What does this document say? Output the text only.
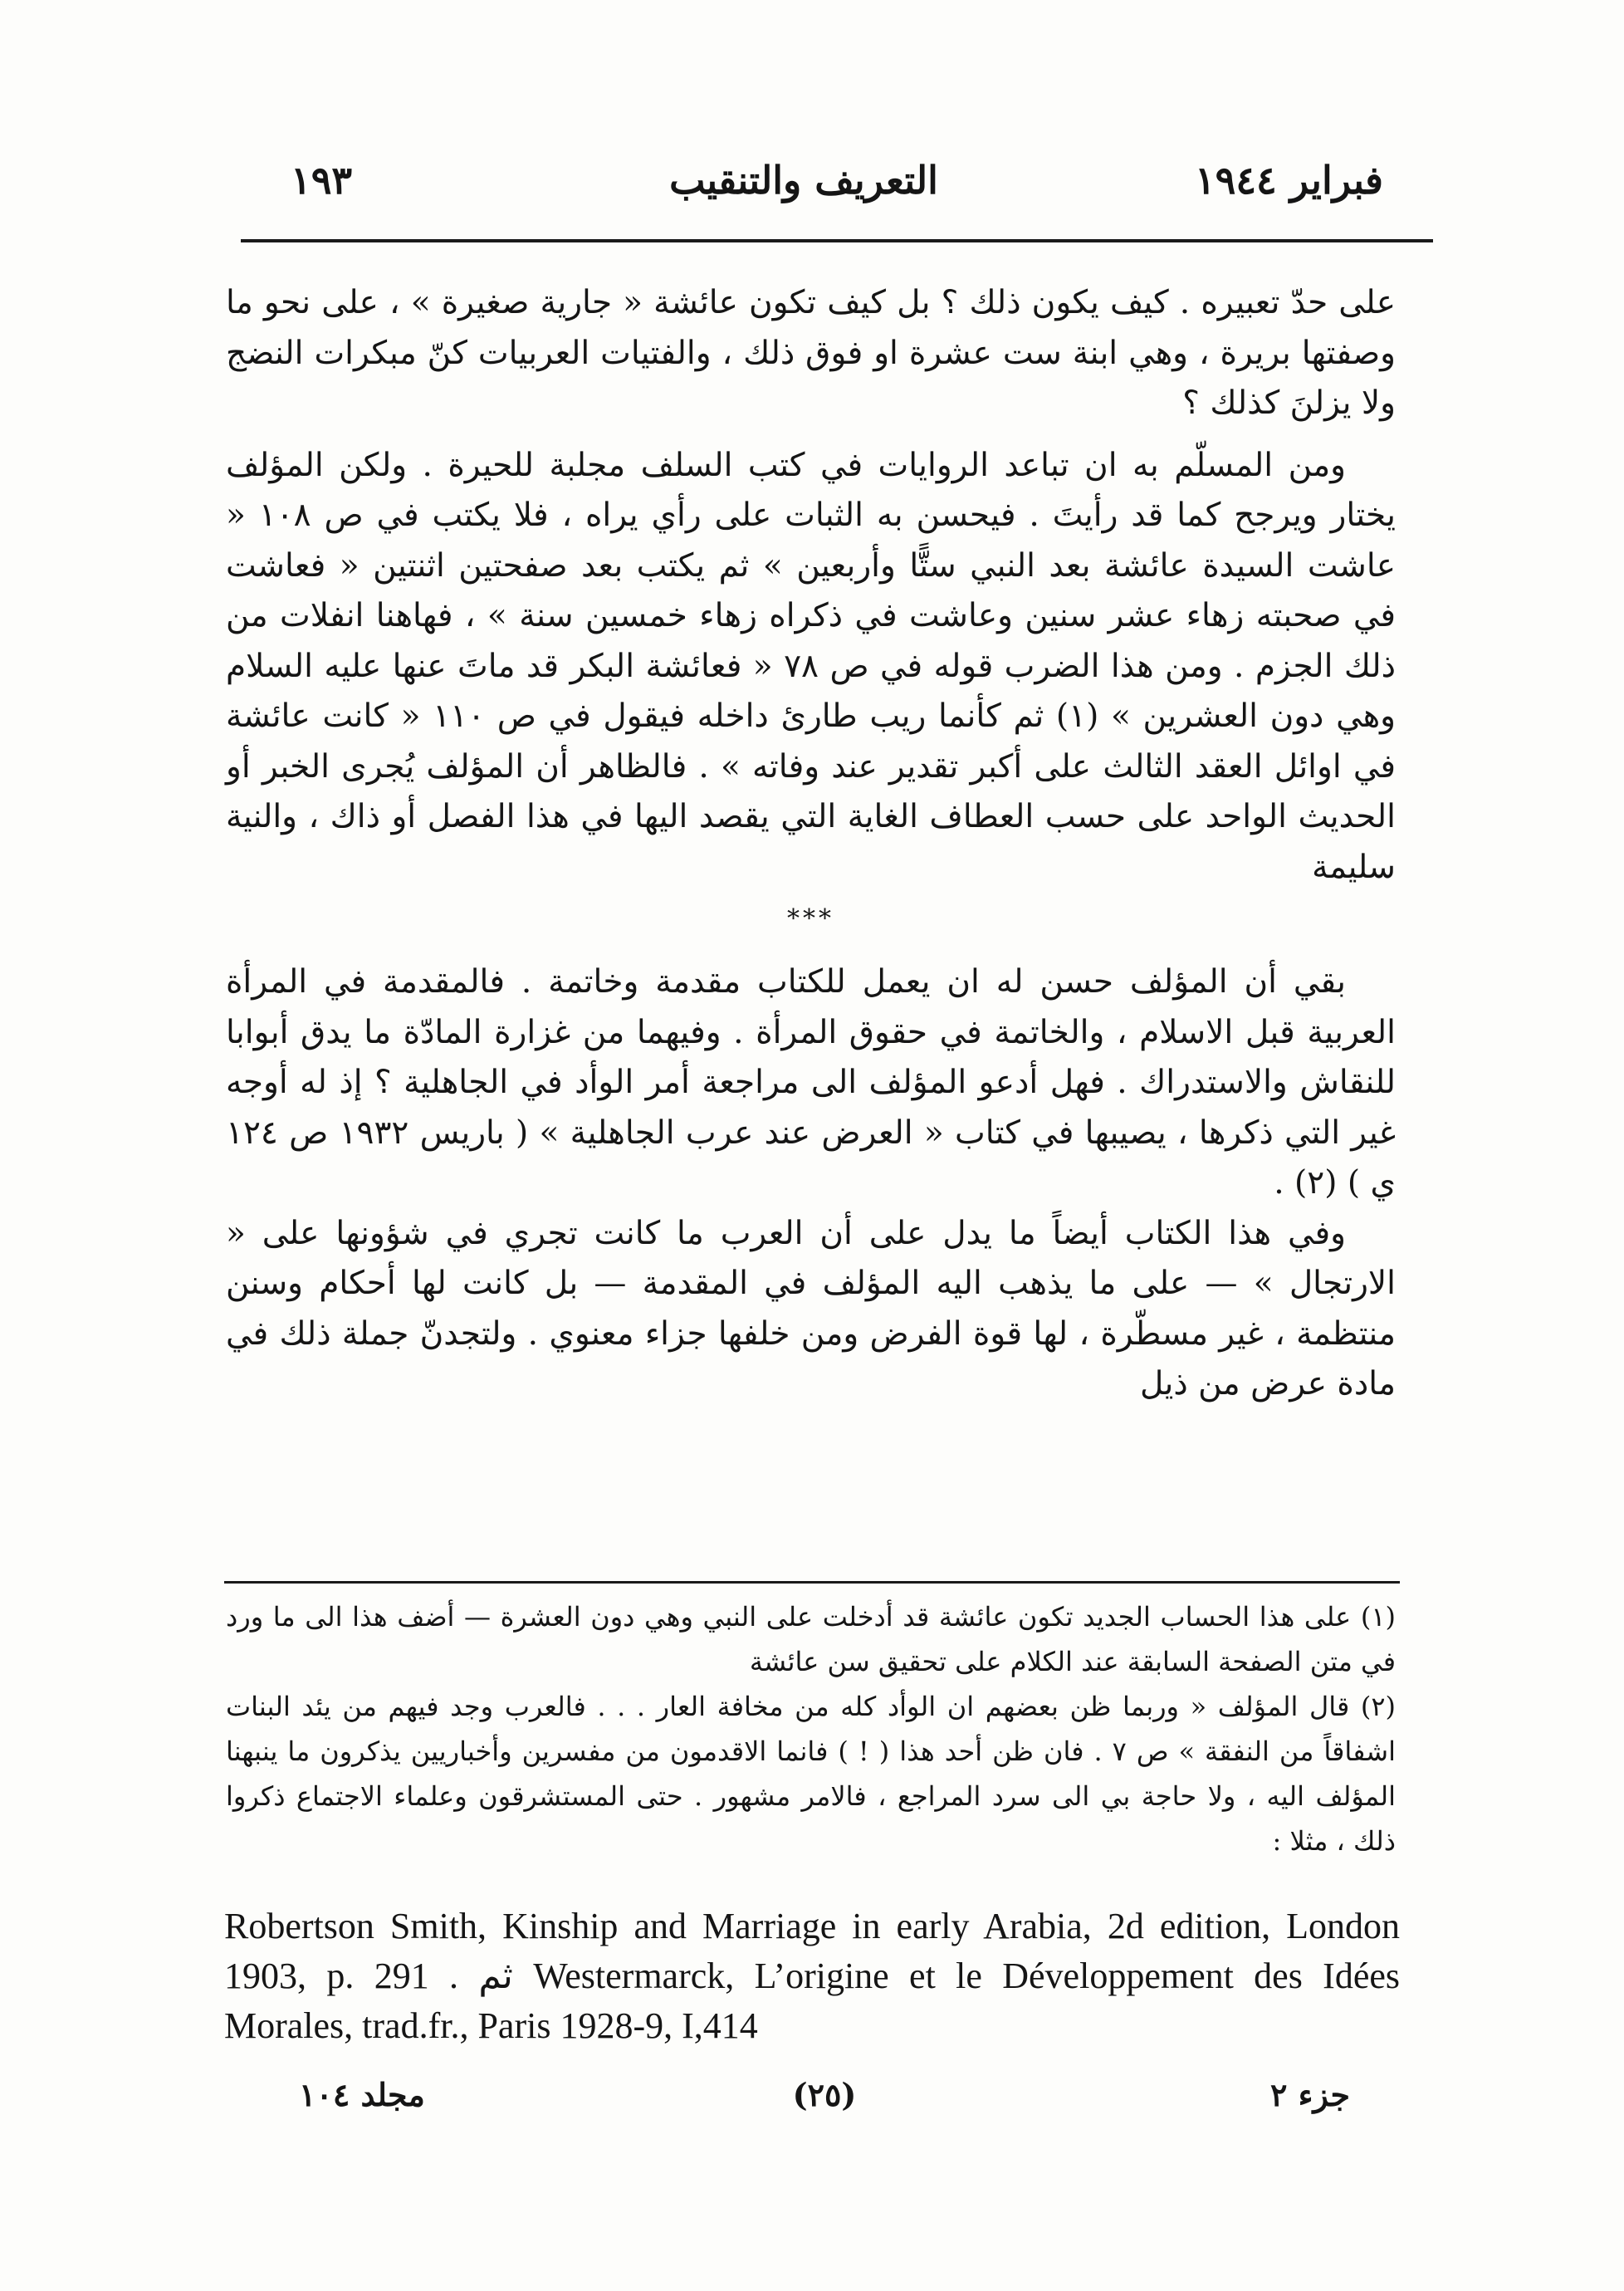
فبراير ١٩٤٤
التعريف والتنقيب
١٩٣

على حدّ تعبيره . كيف يكون ذلك ؟ بل كيف تكون عائشة « جارية صغيرة » ، على نحو ما وصفتها بريرة ، وهي ابنة ست عشرة او فوق ذلك ، والفتيات العربيات كنّ مبكرات النضج ولا يزلنَ كذلك ؟

ومن المسلّم به ان تباعد الروايات في كتب السلف مجلبة للحيرة . ولكن المؤلف يختار ويرجح كما قد رأيتَ . فيحسن به الثبات على رأي يراه ، فلا يكتب في ص ١٠٨ « عاشت السيدة عائشة بعد النبي ستًّا وأربعين » ثم يكتب بعد صفحتين اثنتين « فعاشت في صحبته زهاء عشر سنين وعاشت في ذكراه زهاء خمسين سنة » ، فهاهنا انفلات من ذلك الجزم . ومن هذا الضرب قوله في ص ٧٨ « فعائشة البكر قد ماتَ عنها عليه السلام وهي دون العشرين » (١) ثم كأنما ريب طارئ داخله فيقول في ص ١١٠ « كانت عائشة في اوائل العقد الثالث على أكبر تقدير عند وفاته » . فالظاهر أن المؤلف يُجرى الخبر أو الحديث الواحد على حسب العطاف الغاية التي يقصد اليها في هذا الفصل أو ذاك ، والنية سليمة

***

بقي أن المؤلف حسن له ان يعمل للكتاب مقدمة وخاتمة . فالمقدمة في المرأة العربية قبل الاسلام ، والخاتمة في حقوق المرأة . وفيهما من غزارة المادّة ما يدق أبوابا للنقاش والاستدراك . فهل أدعو المؤلف الى مراجعة أمر الوأد في الجاهلية ؟ إذ له أوجه غير التي ذكرها ، يصيبها في كتاب « العرض عند عرب الجاهلية » ( باريس ١٩٣٢ ص ١٢٤ ي ) (٢) .

وفي هذا الكتاب أيضاً ما يدل على أن العرب ما كانت تجري في شؤونها على « الارتجال » — على ما يذهب اليه المؤلف في المقدمة — بل كانت لها أحكام وسنن منتظمة ، غير مسطّرة ، لها قوة الفرض ومن خلفها جزاء معنوي . ولتجدنّ جملة ذلك في مادة عرض من ذيل

(١) على هذا الحساب الجديد تكون عائشة قد أدخلت على النبي وهي دون العشرة — أضف هذا الى ما ورد في متن الصفحة السابقة عند الكلام على تحقيق سن عائشة

(٢) قال المؤلف « وربما ظن بعضهم ان الوأد كله من مخافة العار . . . فالعرب وجد فيهم من يئد البنات اشفاقاً من النفقة » ص ٧ . فان ظن أحد هذا ( ! ) فانما الاقدمون من مفسرين وأخباريين يذكرون ما ينبهنا المؤلف اليه ، ولا حاجة بي الى سرد المراجع ، فالامر مشهور . حتى المستشرقون وعلماء الاجتماع ذكروا ذلك ، مثلا :

Robertson Smith, Kinship and Marriage in early Arabia, 2d edition, London 1903, p. 291 . ثم Westermarck, L’origine et le Développement des Idées Morales, trad.fr., Paris 1928-9, I,414
جزء ٢
(٢٥)
مجلد ١٠٤
